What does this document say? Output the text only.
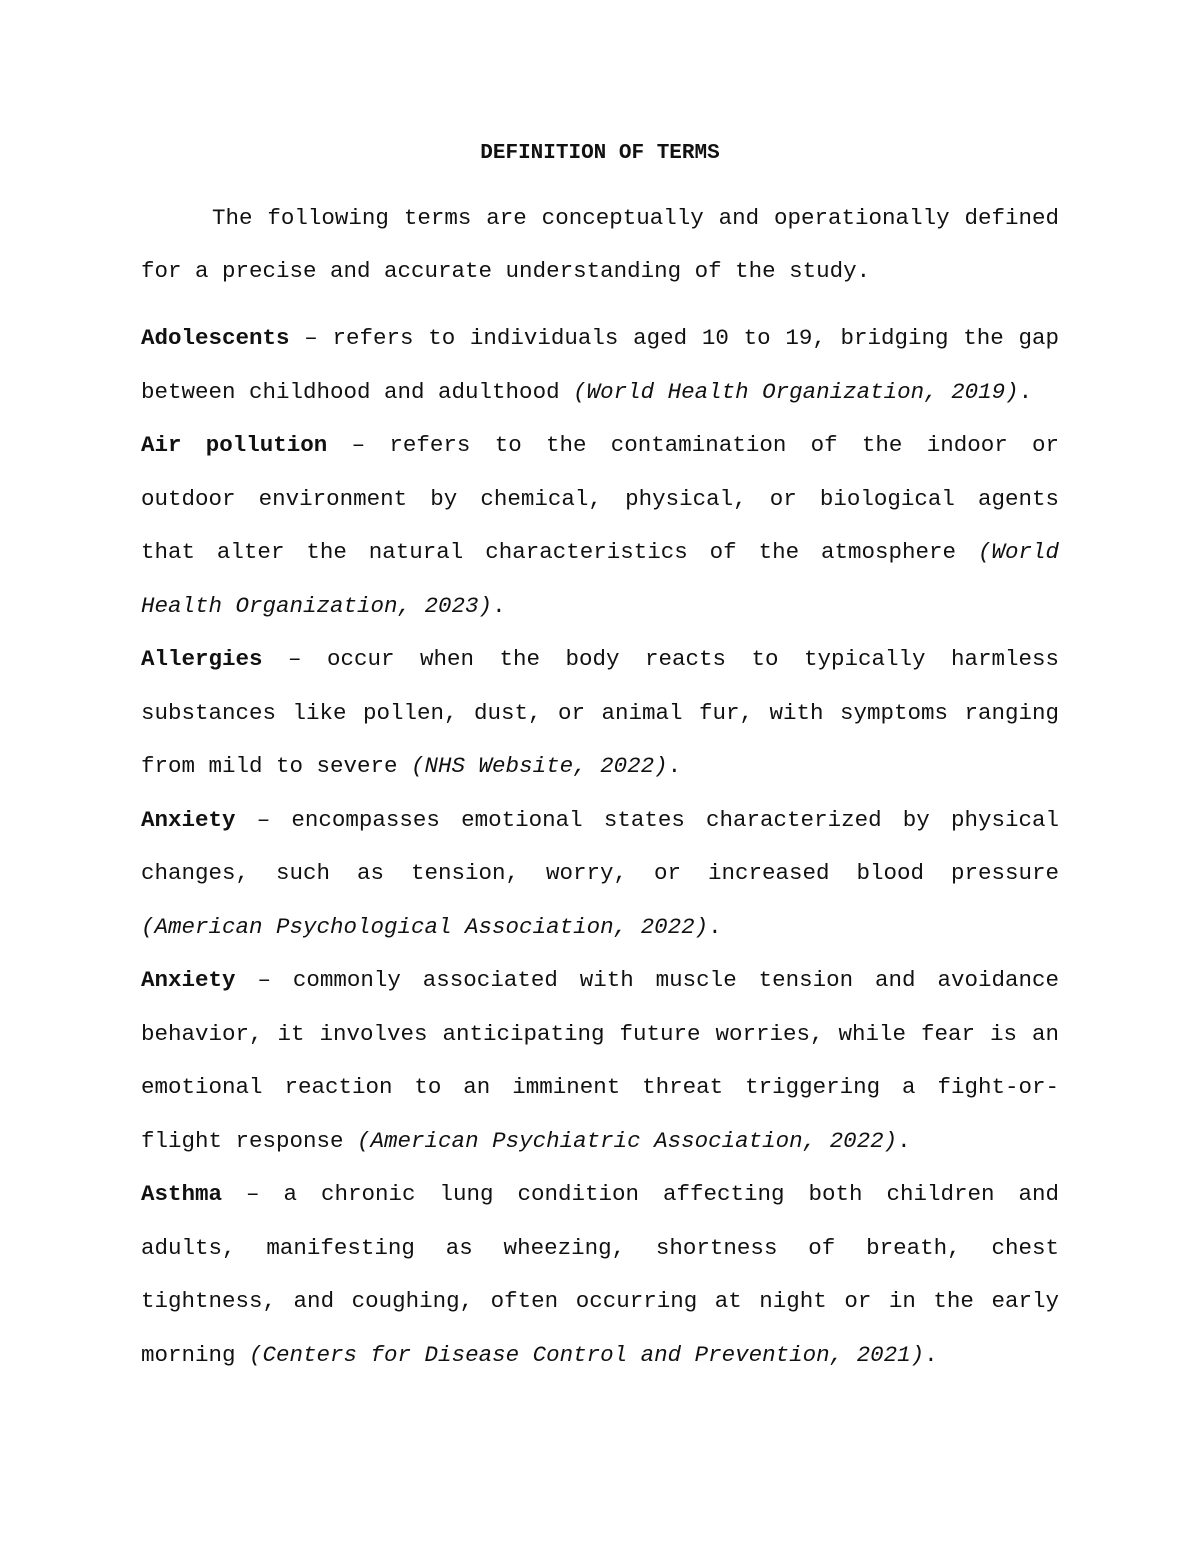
DEFINITION OF TERMS

The following terms are conceptually and operationally defined for a precise and accurate understanding of the study.

Adolescents – refers to individuals aged 10 to 19, bridging the gap between childhood and adulthood (World Health Organization, 2019).

Air pollution – refers to the contamination of the indoor or outdoor environment by chemical, physical, or biological agents that alter the natural characteristics of the atmosphere (World Health Organization, 2023).

Allergies – occur when the body reacts to typically harmless substances like pollen, dust, or animal fur, with symptoms ranging from mild to severe (NHS Website, 2022).

Anxiety – encompasses emotional states characterized by physical changes, such as tension, worry, or increased blood pressure (American Psychological Association, 2022).

Anxiety – commonly associated with muscle tension and avoidance behavior, it involves anticipating future worries, while fear is an emotional reaction to an imminent threat triggering a fight-or-flight response (American Psychiatric Association, 2022).

Asthma – a chronic lung condition affecting both children and adults, manifesting as wheezing, shortness of breath, chest tightness, and coughing, often occurring at night or in the early morning (Centers for Disease Control and Prevention, 2021).
